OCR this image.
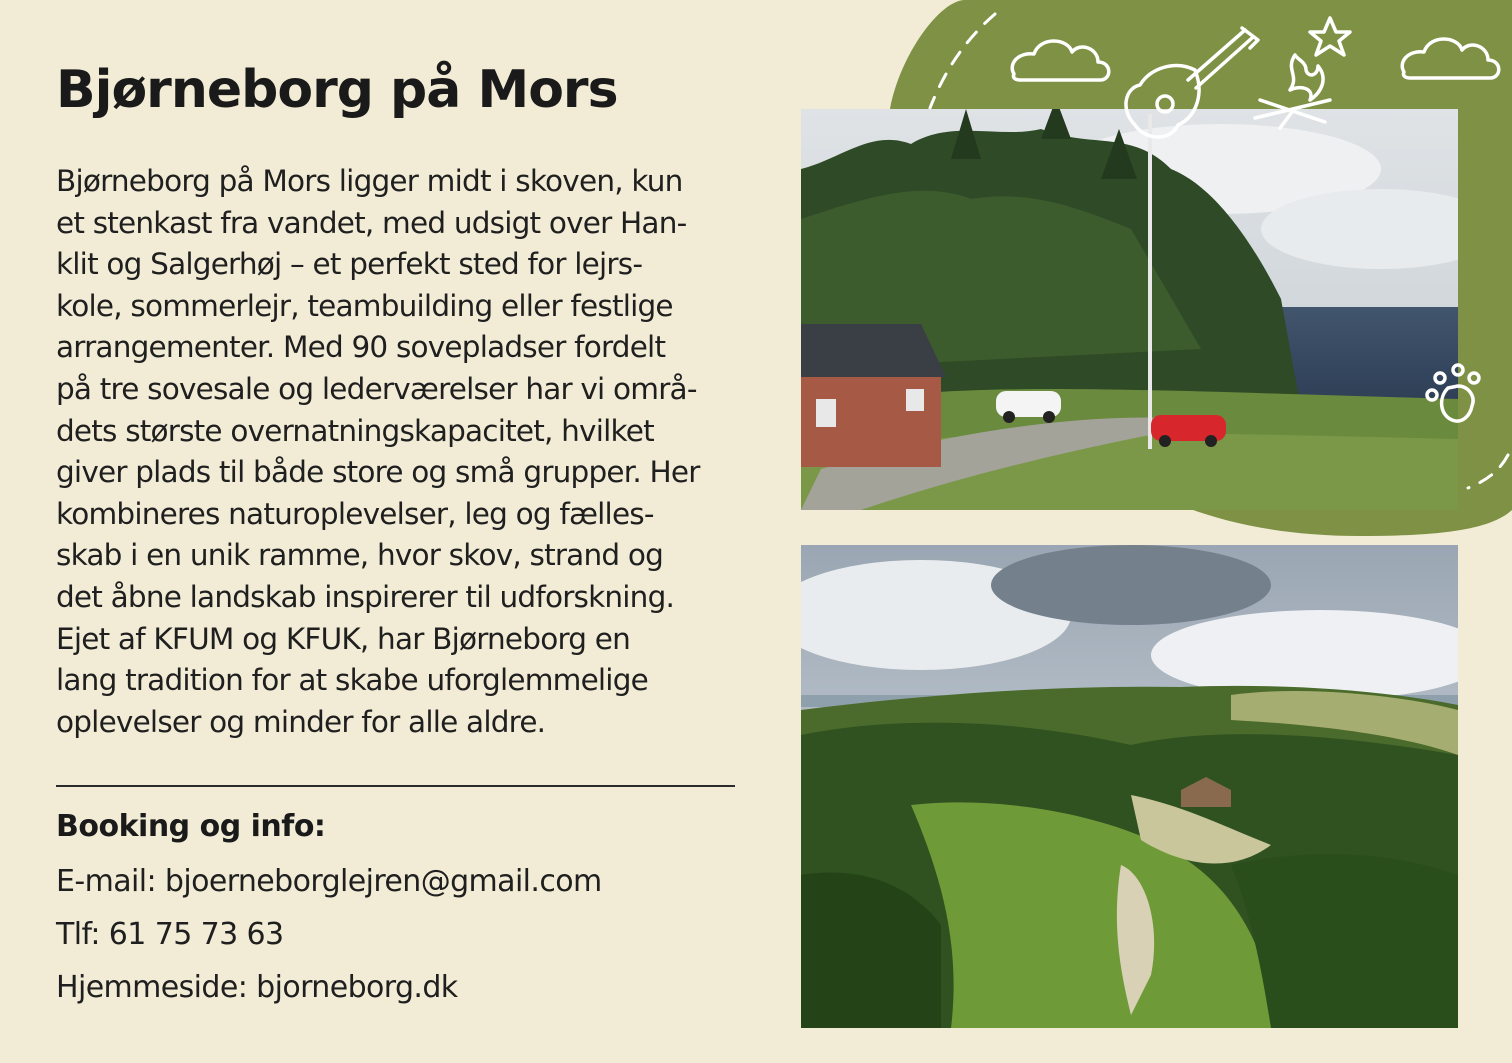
Bjørneborg på Mors

Bjørneborg på Mors ligger midt i skoven, kun
et stenkast fra vandet, med udsigt over Han-
klit og Salgerhøj – et perfekt sted for lejrs-
kole, sommerlejr, teambuilding eller festlige
arrangementer. Med 90 sovepladser fordelt
på tre sovesale og lederværelser har vi områ-
dets største overnatningskapacitet, hvilket
giver plads til både store og små grupper. Her
kombineres naturoplevelser, leg og fælles-
skab i en unik ramme, hvor skov, strand og
det åbne landskab inspirerer til udforskning.
Ejet af KFUM og KFUK, har Bjørneborg en
lang tradition for at skabe uforglemmelige
oplevelser og minder for alle aldre.

Booking og info:

E-mail: bjoerneborglejren@gmail.com

Tlf: 61 75 73 63

Hjemmeside: bjorneborg.dk
